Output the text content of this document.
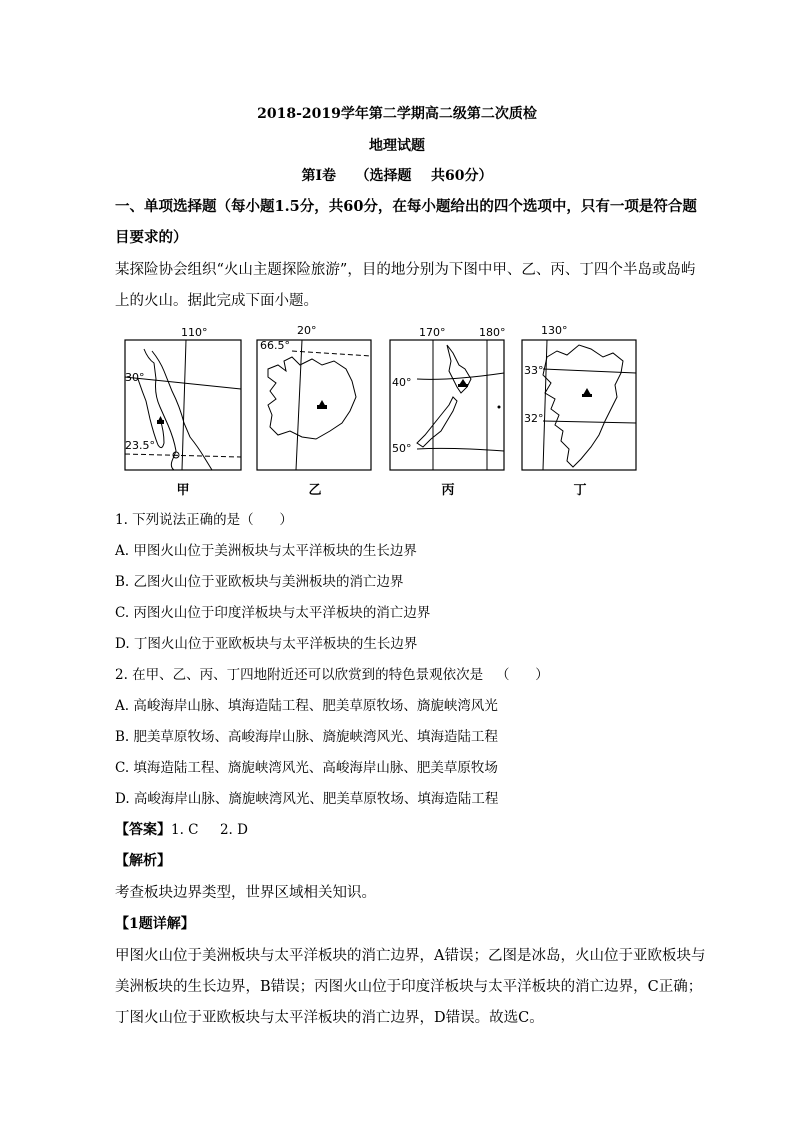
2018-2019学年第二学期高二级第二次质检
地理试题
第Ⅰ卷    （选择题    共60分）
一、单项选择题（每小题1.5分，共60分，在每小题给出的四个选项中，只有一项是符合题
目要求的）
某探险协会组织“火山主题探险旅游”，目的地分别为下图中甲、乙、丙、丁四个半岛或岛屿
上的火山。据此完成下面小题。
110°
30°
23.5°
甲
20°
66.5°
乙
170°	180°
40°
50°
丙
130°
33°
32°
丁
1. 下列说法正确的是（      ）
A. 甲图火山位于美洲板块与太平洋板块的生长边界
B. 乙图火山位于亚欧板块与美洲板块的消亡边界
C. 丙图火山位于印度洋板块与太平洋板块的消亡边界
D. 丁图火山位于亚欧板块与太平洋板块的生长边界
2. 在甲、乙、丙、丁四地附近还可以欣赏到的特色景观依次是   （      ）
A. 高峻海岸山脉、填海造陆工程、肥美草原牧场、旖旎峡湾风光
B. 肥美草原牧场、高峻海岸山脉、旖旎峡湾风光、填海造陆工程
C. 填海造陆工程、旖旎峡湾风光、高峻海岸山脉、肥美草原牧场
D. 高峻海岸山脉、旖旎峡湾风光、肥美草原牧场、填海造陆工程
【答案】1. C     2. D
【解析】
考查板块边界类型，世界区域相关知识。
【1题详解】
甲图火山位于美洲板块与太平洋板块的消亡边界，A错误；乙图是冰岛，火山位于亚欧板块与
美洲板块的生长边界，B错误；丙图火山位于印度洋板块与太平洋板块的消亡边界，C正确；
丁图火山位于亚欧板块与太平洋板块的消亡边界，D错误。故选C。
